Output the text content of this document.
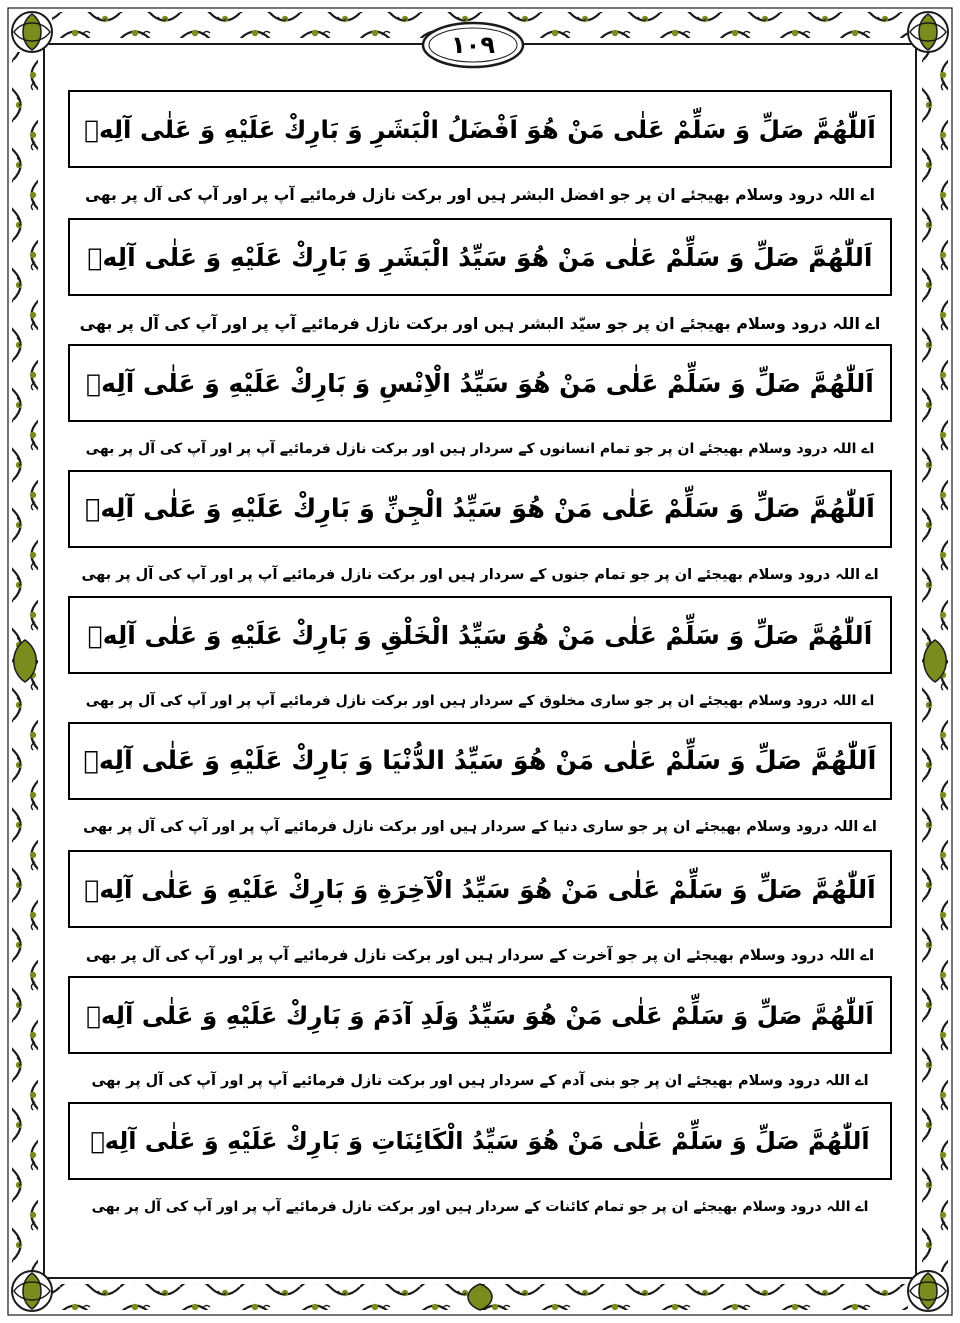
۱۰۹
اَللّٰهُمَّ صَلِّ وَ سَلِّمْ عَلٰى مَنْ هُوَ اَفْضَلُ الْبَشَرِ وَ بَارِكْ عَلَيْهِ وَ عَلٰى آلِهٖ
اے اللہ درود وسلام بھیجئے ان پر جو افضل البشر ہیں اور برکت نازل فرمائیے آپ پر اور آپ کی آل پر بھی
اَللّٰهُمَّ صَلِّ وَ سَلِّمْ عَلٰى مَنْ هُوَ سَيِّدُ الْبَشَرِ وَ بَارِكْ عَلَيْهِ وَ عَلٰى آلِهٖ
اے اللہ درود وسلام بھیجئے ان پر جو سیّد البشر ہیں اور برکت نازل فرمائیے آپ پر اور آپ کی آل پر بھی
اَللّٰهُمَّ صَلِّ وَ سَلِّمْ عَلٰى مَنْ هُوَ سَيِّدُ الْاِنْسِ وَ بَارِكْ عَلَيْهِ وَ عَلٰى آلِهٖ
اے اللہ درود وسلام بھیجئے ان پر جو تمام انسانوں کے سردار ہیں اور برکت نازل فرمائیے آپ پر اور آپ کی آل پر بھی
اَللّٰهُمَّ صَلِّ وَ سَلِّمْ عَلٰى مَنْ هُوَ سَيِّدُ الْجِنِّ وَ بَارِكْ عَلَيْهِ وَ عَلٰى آلِهٖ
اے اللہ درود وسلام بھیجئے ان پر جو تمام جنوں کے سردار ہیں اور برکت نازل فرمائیے آپ پر اور آپ کی آل پر بھی
اَللّٰهُمَّ صَلِّ وَ سَلِّمْ عَلٰى مَنْ هُوَ سَيِّدُ الْخَلْقِ وَ بَارِكْ عَلَيْهِ وَ عَلٰى آلِهٖ
اے اللہ درود وسلام بھیجئے ان پر جو ساری مخلوق کے سردار ہیں اور برکت نازل فرمائیے آپ پر اور آپ کی آل پر بھی
اَللّٰهُمَّ صَلِّ وَ سَلِّمْ عَلٰى مَنْ هُوَ سَيِّدُ الدُّنْيَا وَ بَارِكْ عَلَيْهِ وَ عَلٰى آلِهٖ
اے اللہ درود وسلام بھیجئے ان پر جو ساری دنیا کے سردار ہیں اور برکت نازل فرمائیے آپ پر اور آپ کی آل پر بھی
اَللّٰهُمَّ صَلِّ وَ سَلِّمْ عَلٰى مَنْ هُوَ سَيِّدُ الْآخِرَةِ وَ بَارِكْ عَلَيْهِ وَ عَلٰى آلِهٖ
اے اللہ درود وسلام بھیجئے ان پر جو آخرت کے سردار ہیں اور برکت نازل فرمائیے آپ پر اور آپ کی آل پر بھی
اَللّٰهُمَّ صَلِّ وَ سَلِّمْ عَلٰى مَنْ هُوَ سَيِّدُ وَلَدِ آدَمَ وَ بَارِكْ عَلَيْهِ وَ عَلٰى آلِهٖ
اے اللہ درود وسلام بھیجئے ان پر جو بنی آدم کے سردار ہیں اور برکت نازل فرمائیے آپ پر اور آپ کی آل پر بھی
اَللّٰهُمَّ صَلِّ وَ سَلِّمْ عَلٰى مَنْ هُوَ سَيِّدُ الْكَائِنَاتِ وَ بَارِكْ عَلَيْهِ وَ عَلٰى آلِهٖ
اے اللہ درود وسلام بھیجئے ان پر جو تمام کائنات کے سردار ہیں اور برکت نازل فرمائیے آپ پر اور آپ کی آل پر بھی
